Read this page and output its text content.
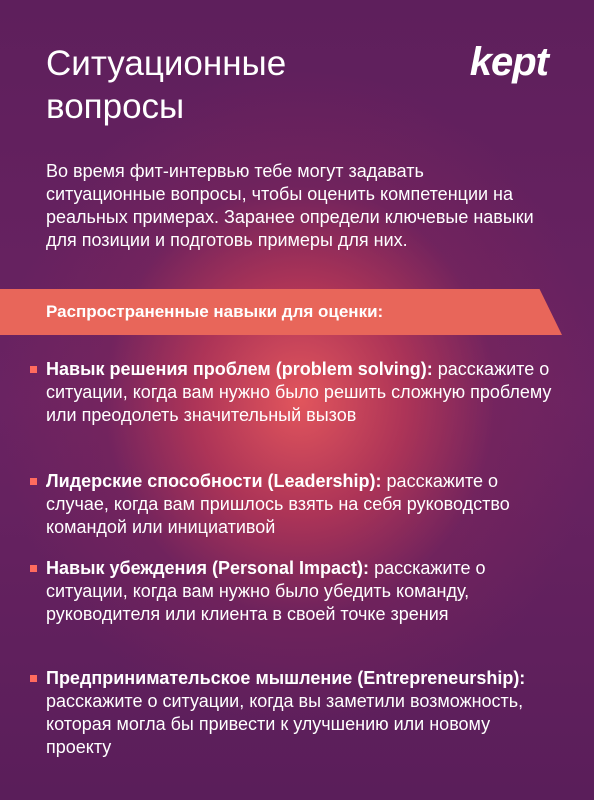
Ситуационные вопросы
kept
Во время фит-интервью тебе могут задавать ситуационные вопросы, чтобы оценить компетенции на реальных примерах. Заранее определи ключевые навыки для позиции и подготовь примеры для них.
Распространенные навыки для оценки:
Навык решения проблем (problem solving): расскажите о ситуации, когда вам нужно было решить сложную проблему или преодолеть значительный вызов
Лидерские способности (Leadership): расскажите о случае, когда вам пришлось взять на себя руководство командой или инициативой
Навык убеждения (Personal Impact): расскажите о ситуации, когда вам нужно было убедить команду, руководителя или клиента в своей точке зрения
Предпринимательское мышление (Entrepreneurship): расскажите о ситуации, когда вы заметили возможность, которая могла бы привести к улучшению или новому проекту
